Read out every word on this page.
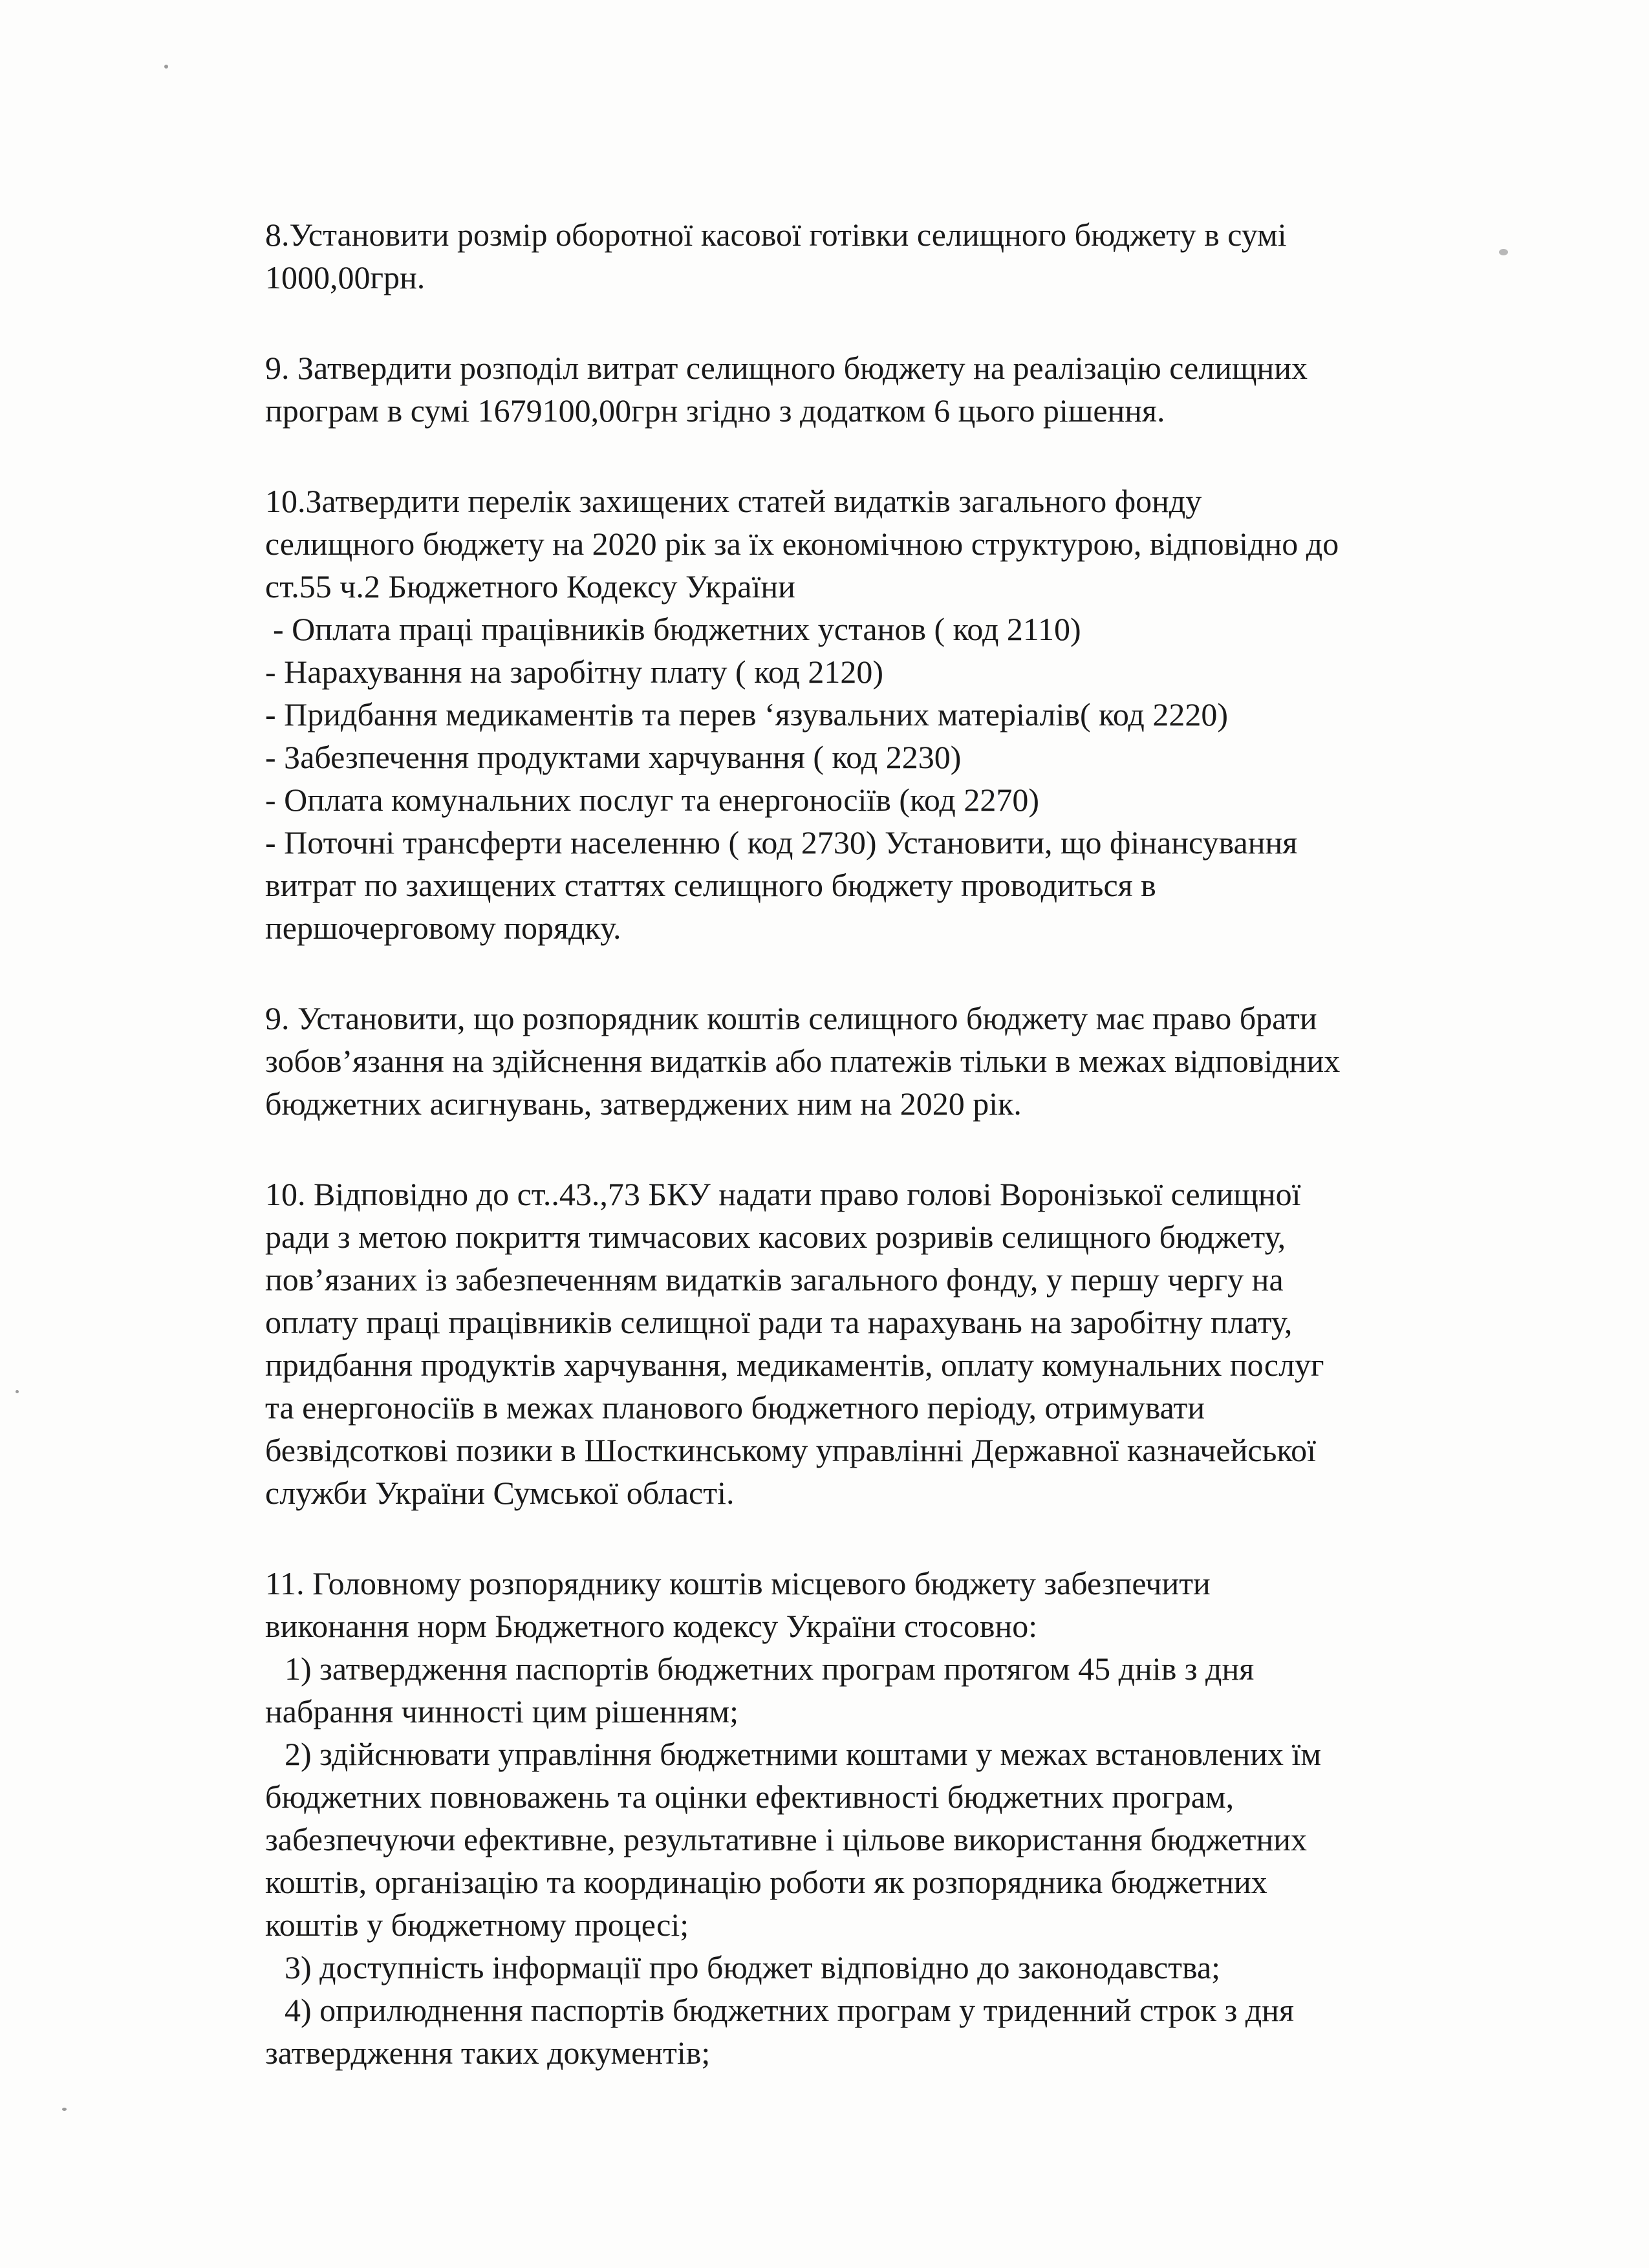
8.Установити розмір оборотної касової готівки селищного бюджету в сумі
1000,00грн.
9. Затвердити розподіл витрат селищного бюджету на реалізацію селищних
програм в сумі 1679100,00грн згідно з додатком 6 цього рішення.
10.Затвердити перелік захищених статей видатків загального фонду
селищного бюджету на 2020 рік за їх економічною структурою, відповідно до
ст.55 ч.2 Бюджетного Кодексу України
- Оплата праці працівників бюджетних установ ( код 2110)
- Нарахування на заробітну плату ( код 2120)
- Придбання медикаментів та перев ‘язувальних матеріалів( код 2220)
- Забезпечення продуктами харчування ( код 2230)
- Оплата комунальних послуг та енергоносіїв (код 2270)
- Поточні трансферти населенню ( код 2730) Установити, що фінансування
витрат по захищених статтях селищного бюджету проводиться в
першочерговому порядку.
9. Установити, що розпорядник коштів селищного бюджету має право брати
зобов’язання на здійснення видатків або платежів тільки в межах відповідних
бюджетних асигнувань, затверджених ним на 2020 рік.
10. Відповідно до ст..43.,73 БКУ надати право голові Воронізької селищної
ради з метою покриття тимчасових касових розривів селищного бюджету,
пов’язаних із забезпеченням видатків загального фонду, у першу чергу на
оплату праці працівників селищної ради та нарахувань на заробітну плату,
придбання продуктів харчування, медикаментів, оплату комунальних послуг
та енергоносіїв в межах планового бюджетного періоду, отримувати
безвідсоткові позики в Шосткинському управлінні Державної казначейської
служби України Сумської області.
11. Головному розпоряднику коштів місцевого бюджету забезпечити
виконання норм Бюджетного кодексу України стосовно:
1) затвердження паспортів бюджетних програм протягом 45 днів з дня
набрання чинності цим рішенням;
2) здійснювати управління бюджетними коштами у межах встановлених їм
бюджетних повноважень та оцінки ефективності бюджетних програм,
забезпечуючи ефективне, результативне і цільове використання бюджетних
коштів, організацію та координацію роботи як розпорядника бюджетних
коштів у бюджетному процесі;
3) доступність інформації про бюджет відповідно до законодавства;
4) оприлюднення паспортів бюджетних програм у триденний строк з дня
затвердження таких документів;
